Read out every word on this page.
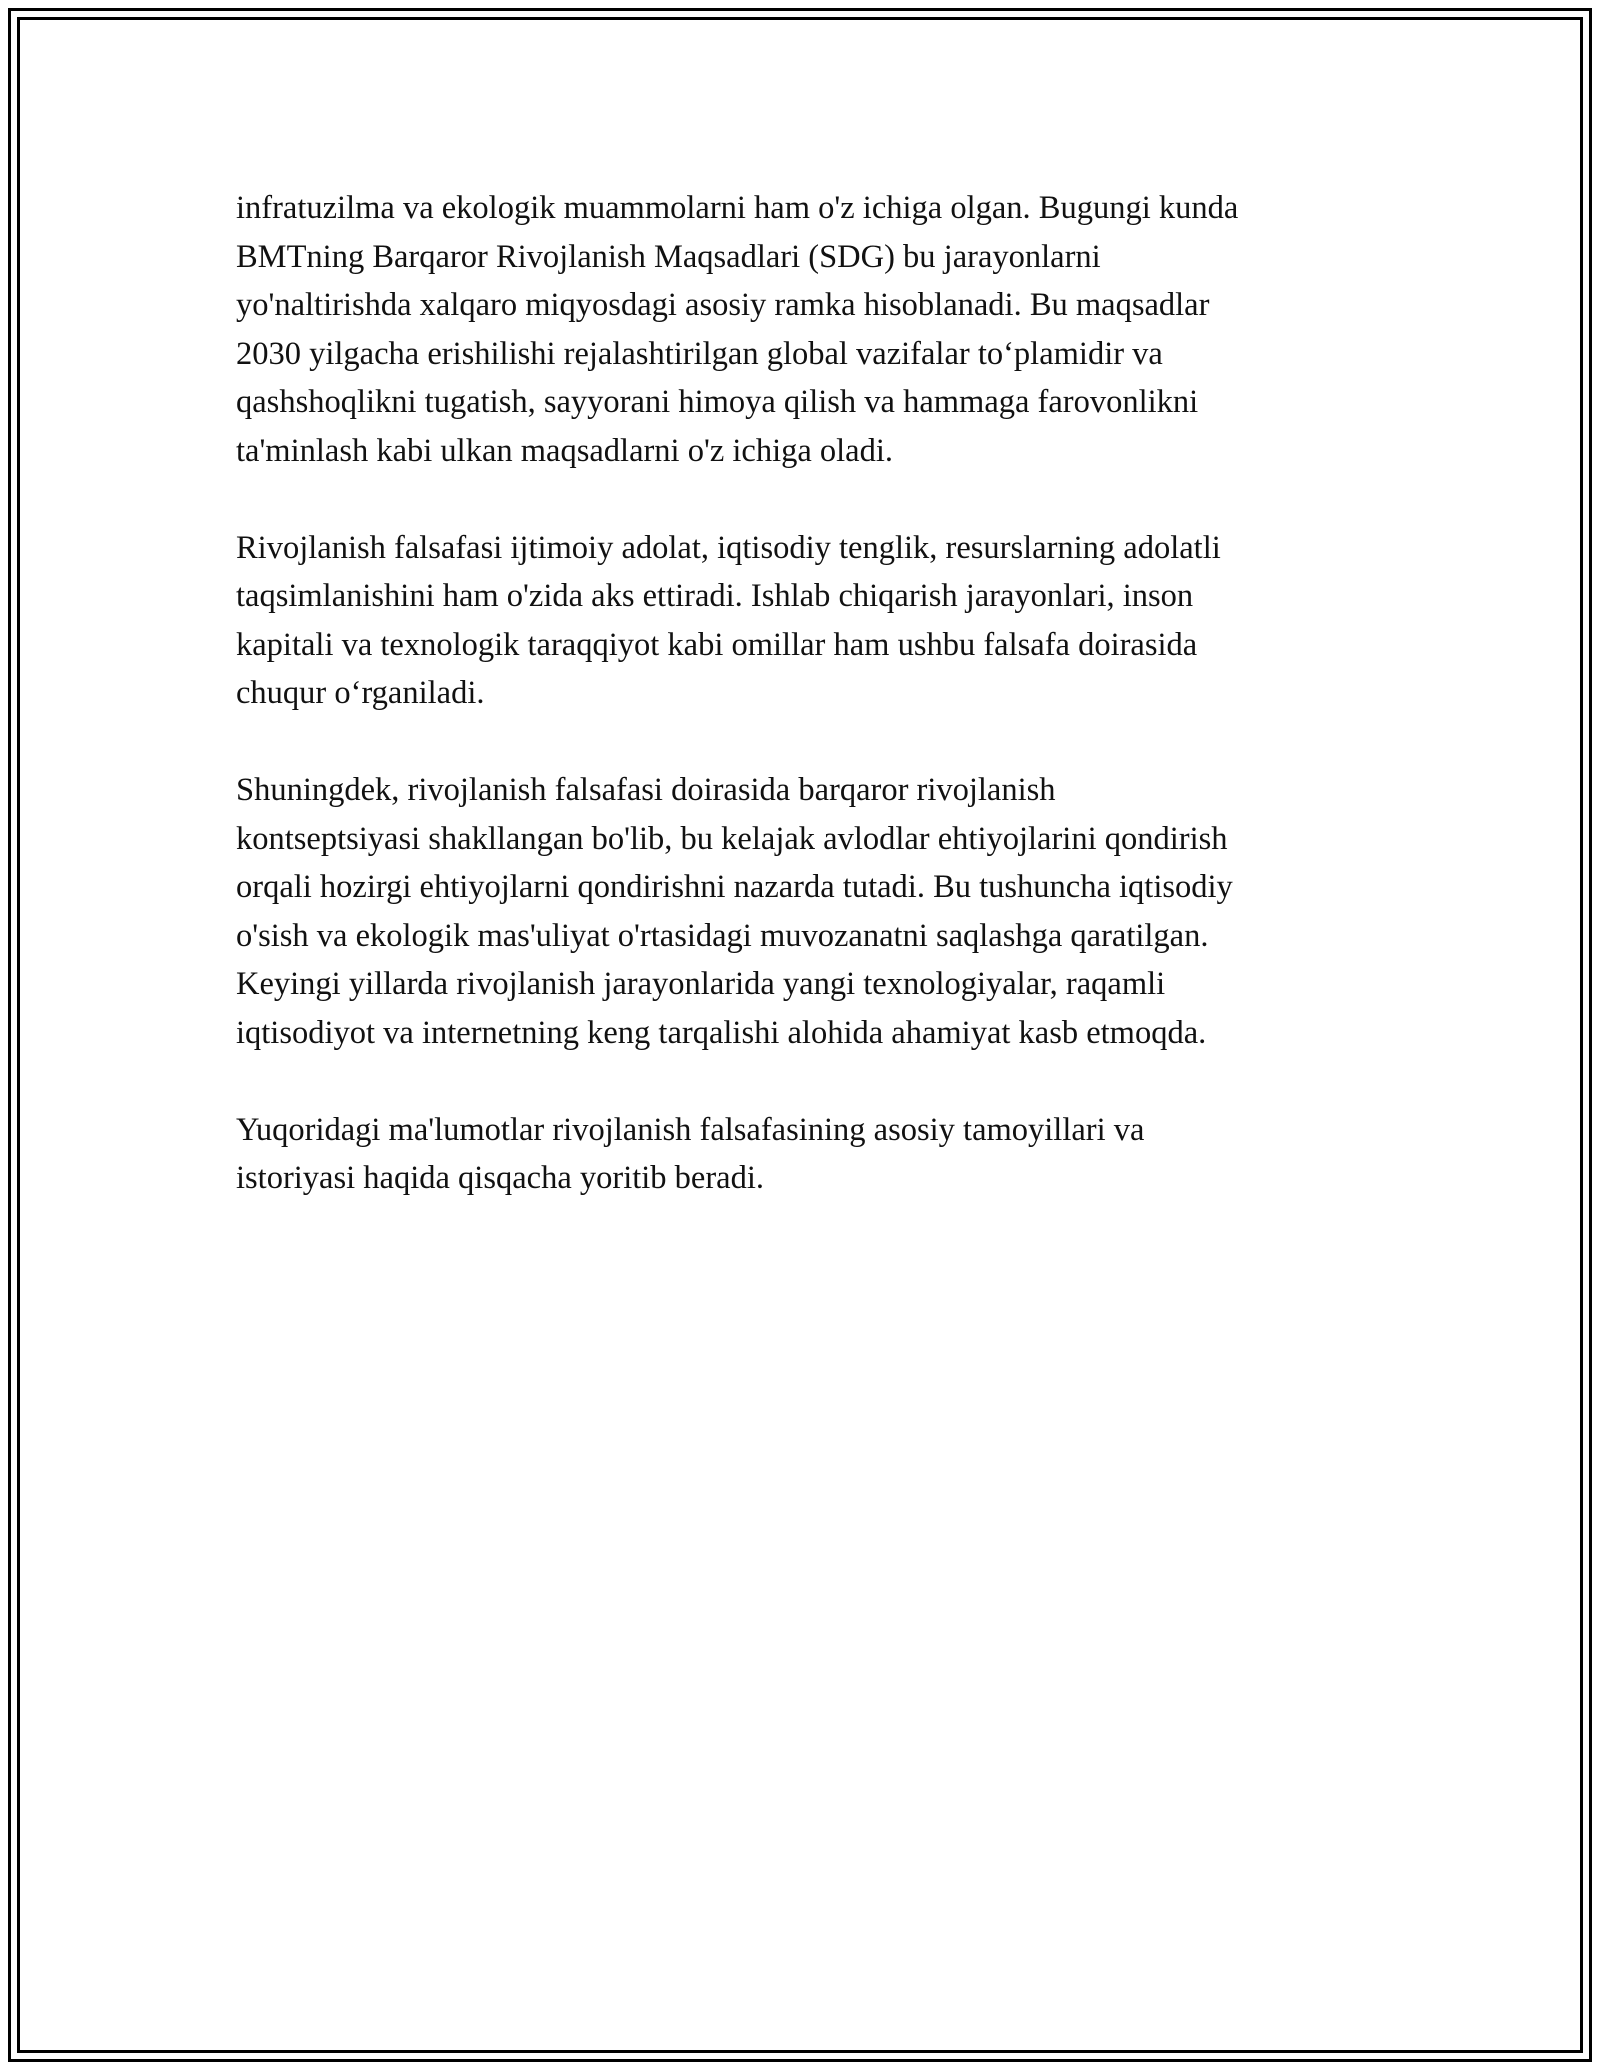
infratuzilma va ekologik muammolarni ham o'z ichiga olgan. Bugungi kunda
BMTning Barqaror Rivojlanish Maqsadlari (SDG) bu jarayonlarni
yo'naltirishda xalqaro miqyosdagi asosiy ramka hisoblanadi. Bu maqsadlar
2030 yilgacha erishilishi rejalashtirilgan global vazifalar to‘plamidir va
qashshoqlikni tugatish, sayyorani himoya qilish va hammaga farovonlikni
ta'minlash kabi ulkan maqsadlarni o'z ichiga oladi.

Rivojlanish falsafasi ijtimoiy adolat, iqtisodiy tenglik, resurslarning adolatli
taqsimlanishini ham o'zida aks ettiradi. Ishlab chiqarish jarayonlari, inson
kapitali va texnologik taraqqiyot kabi omillar ham ushbu falsafa doirasida
chuqur o‘rganiladi.

Shuningdek, rivojlanish falsafasi doirasida barqaror rivojlanish
kontseptsiyasi shakllangan bo'lib, bu kelajak avlodlar ehtiyojlarini qondirish
orqali hozirgi ehtiyojlarni qondirishni nazarda tutadi. Bu tushuncha iqtisodiy
o'sish va ekologik mas'uliyat o'rtasidagi muvozanatni saqlashga qaratilgan.
Keyingi yillarda rivojlanish jarayonlarida yangi texnologiyalar, raqamli
iqtisodiyot va internetning keng tarqalishi alohida ahamiyat kasb etmoqda.

Yuqoridagi ma'lumotlar rivojlanish falsafasining asosiy tamoyillari va
istoriyasi haqida qisqacha yoritib beradi.
